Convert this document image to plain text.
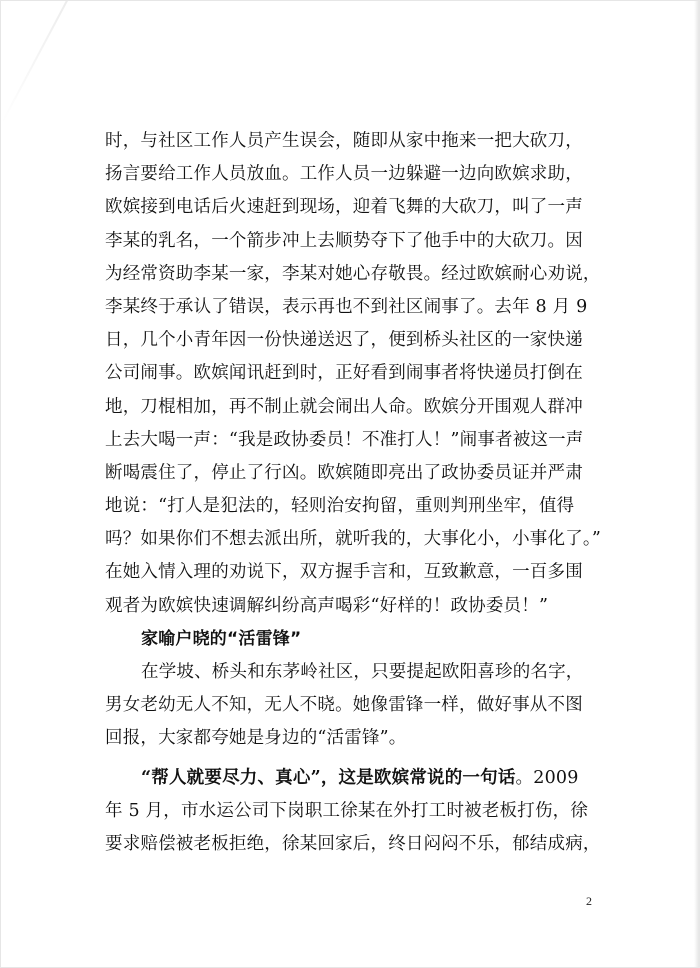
时，与社区工作人员产生误会，随即从家中拖来一把大砍刀，
扬言要给工作人员放血。工作人员一边躲避一边向欧嫔求助，
欧嫔接到电话后火速赶到现场，迎着飞舞的大砍刀，叫了一声
李某的乳名，一个箭步冲上去顺势夺下了他手中的大砍刀。因
为经常资助李某一家，李某对她心存敬畏。经过欧嫔耐心劝说，
李某终于承认了错误，表示再也不到社区闹事了。去年 8 月 9
日，几个小青年因一份快递送迟了，便到桥头社区的一家快递
公司闹事。欧嫔闻讯赶到时，正好看到闹事者将快递员打倒在
地，刀棍相加，再不制止就会闹出人命。欧嫔分开围观人群冲
上去大喝一声：“我是政协委员！不准打人！”闹事者被这一声
断喝震住了，停止了行凶。欧嫔随即亮出了政协委员证并严肃
地说：“打人是犯法的，轻则治安拘留，重则判刑坐牢，值得
吗？如果你们不想去派出所，就听我的，大事化小，小事化了。”
在她入情入理的劝说下，双方握手言和，互致歉意，一百多围
观者为欧嫔快速调解纠纷高声喝彩“好样的！政协委员！”
家喻户晓的“活雷锋”
在学坡、桥头和东茅岭社区，只要提起欧阳喜珍的名字，
男女老幼无人不知，无人不晓。她像雷锋一样，做好事从不图
回报，大家都夸她是身边的“活雷锋”。
“帮人就要尽力、真心”，这是欧嫔常说的一句话。2009
年 5 月，市水运公司下岗职工徐某在外打工时被老板打伤，徐
要求赔偿被老板拒绝，徐某回家后，终日闷闷不乐，郁结成病，
2
